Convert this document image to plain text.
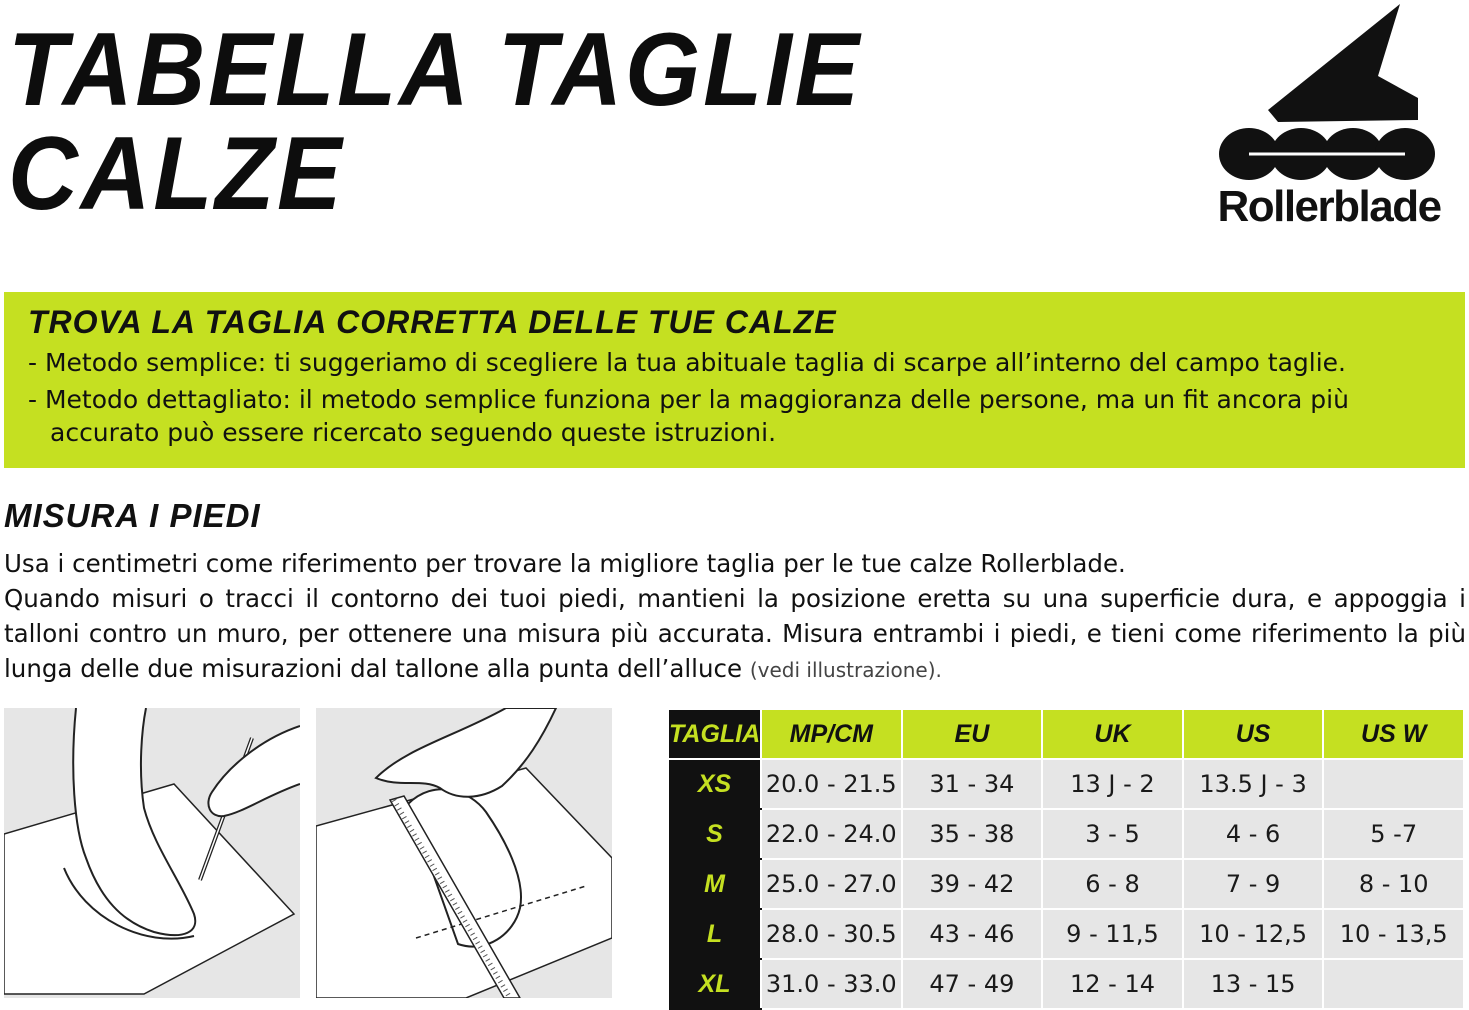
TABELLA TAGLIE
CALZE	Rollerblade
TROVA LA TAGLIA CORRETTA DELLE TUE CALZE

- Metodo semplice: ti suggeriamo di scegliere la tua abituale taglia di scarpe all’interno del campo taglie.

- Metodo dettagliato: il metodo semplice funziona per la maggioranza delle persone, ma un fit ancora più accurato può essere ricercato seguendo queste istruzioni.

MISURA I PIEDI

Usa i centimetri come riferimento per trovare la migliore taglia per le tue calze Rollerblade.
Quando misuri o tracci il contorno dei tuoi piedi, mantieni la posizione eretta su una superficie dura, e appoggia i talloni contro un muro, per ottenere una misura più accurata. Misura entrambi i piedi, e tieni come riferimento la più lunga delle due misurazioni dal tallone alla punta dell’alluce (vedi illustrazione).

TAGLIA	MP/CM	EU	UK	US	US W
XS	20.0 - 21.5	31 - 34	13 J - 2	13.5 J - 3	
S	22.0 - 24.0	35 - 38	3 - 5	4 - 6	5 -7
M	25.0 - 27.0	39 - 42	6 - 8	7 - 9	8 - 10
L	28.0 - 30.5	43 - 46	9 - 11,5	10 - 12,5	10 - 13,5
XL	31.0 - 33.0	47 - 49	12 - 14	13 - 15	
